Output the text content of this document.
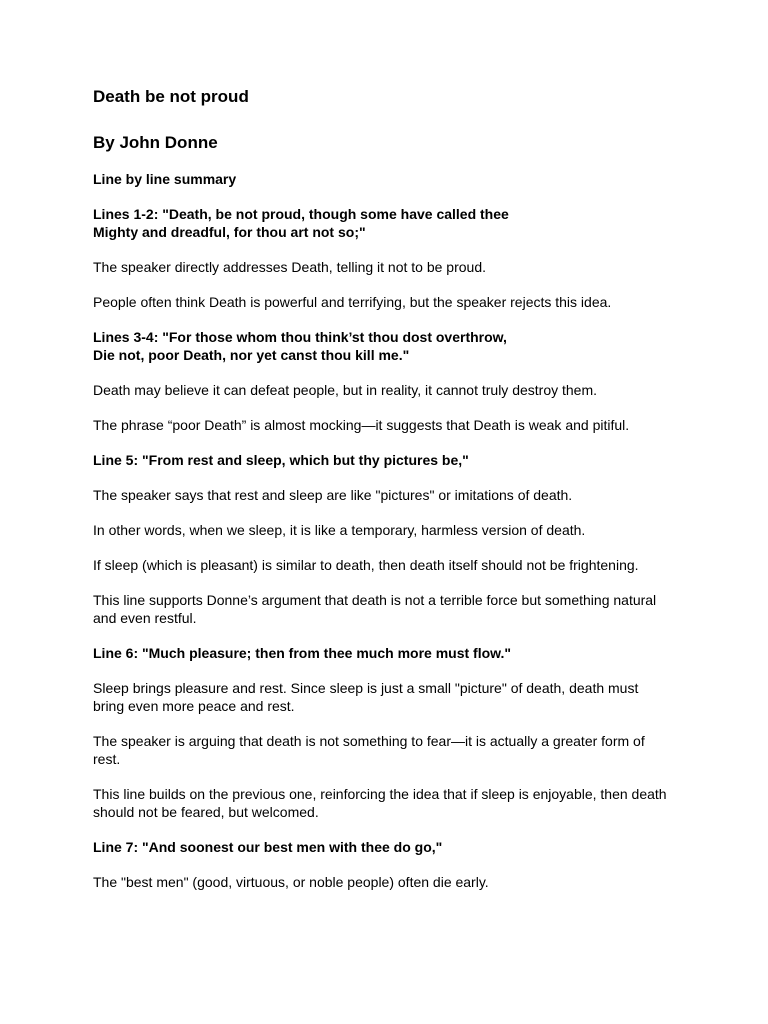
Death be not proud
By John Donne
Line by line summary

Lines 1-2: "Death, be not proud, though some have called thee
Mighty and dreadful, for thou art not so;"

The speaker directly addresses Death, telling it not to be proud.

People often think Death is powerful and terrifying, but the speaker rejects this idea.

Lines 3-4: "For those whom thou think’st thou dost overthrow,
Die not, poor Death, nor yet canst thou kill me."

Death may believe it can defeat people, but in reality, it cannot truly destroy them.

The phrase “poor Death” is almost mocking—it suggests that Death is weak and pitiful.

Line 5: "From rest and sleep, which but thy pictures be,"

The speaker says that rest and sleep are like "pictures" or imitations of death.

In other words, when we sleep, it is like a temporary, harmless version of death.

If sleep (which is pleasant) is similar to death, then death itself should not be frightening.

This line supports Donne’s argument that death is not a terrible force but something natural
and even restful.

Line 6: "Much pleasure; then from thee much more must flow."

Sleep brings pleasure and rest. Since sleep is just a small "picture" of death, death must
bring even more peace and rest.

The speaker is arguing that death is not something to fear—it is actually a greater form of
rest.

This line builds on the previous one, reinforcing the idea that if sleep is enjoyable, then death
should not be feared, but welcomed.

Line 7: "And soonest our best men with thee do go,"

The "best men" (good, virtuous, or noble people) often die early.
